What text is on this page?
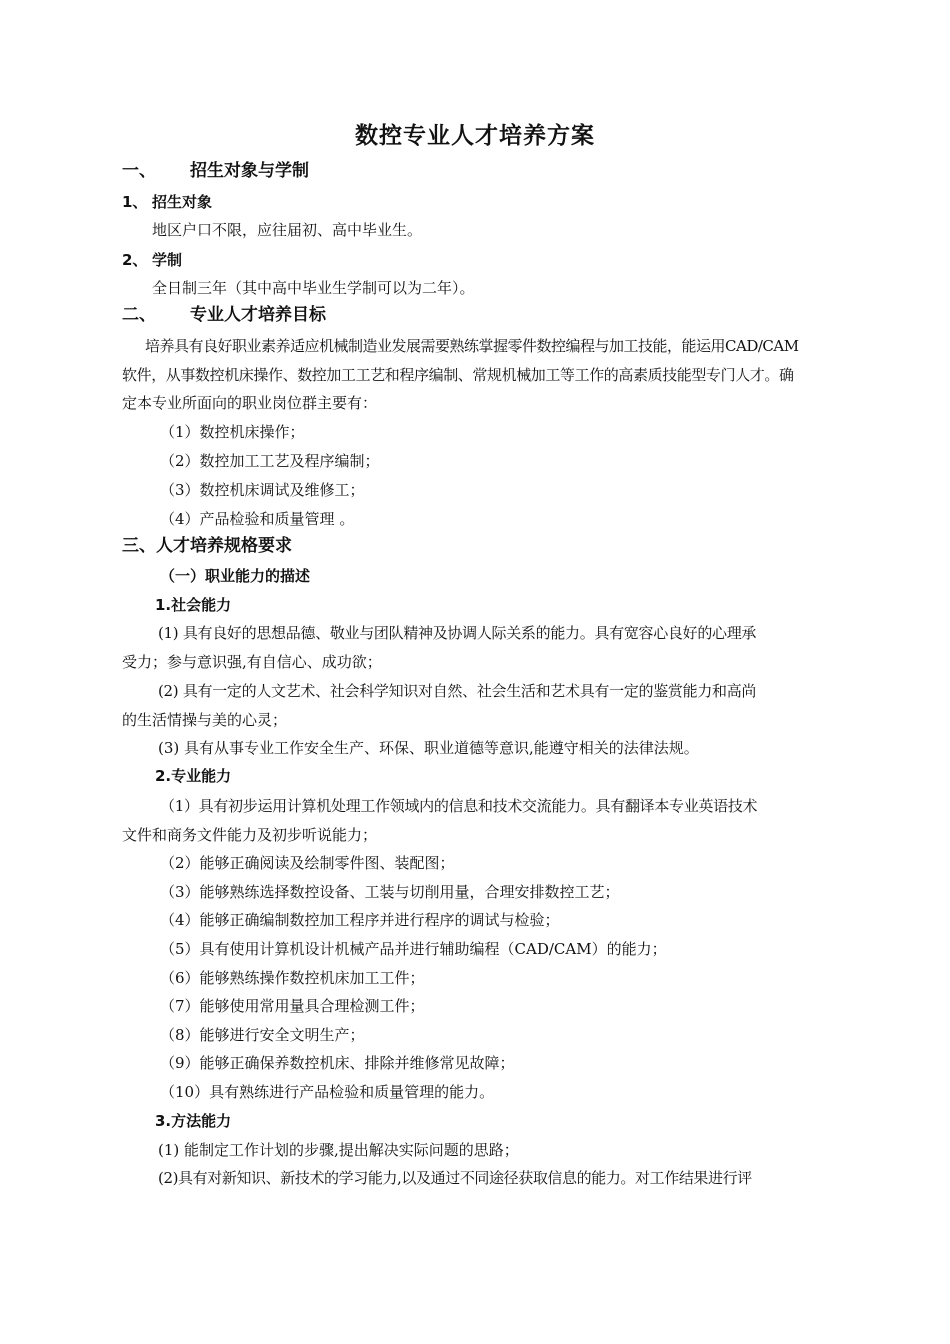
数控专业人才培养方案
一、 招生对象与学制
1、 招生对象
地区户口不限，应往届初、高中毕业生。
2、 学制
全日制三年（其中高中毕业生学制可以为二年）。
二、 专业人才培养目标
培养具有良好职业素养适应机械制造业发展需要熟练掌握零件数控编程与加工技能，能运用CAD/CAM
软件，从事数控机床操作、数控加工工艺和程序编制、常规机械加工等工作的高素质技能型专门人才。确
定本专业所面向的职业岗位群主要有：
（1）数控机床操作；
（2）数控加工工艺及程序编制；
（3）数控机床调试及维修工；
（4）产品检验和质量管理 。
三、人才培养规格要求
（一）职业能力的描述
1.社会能力
(1) 具有良好的思想品德、敬业与团队精神及协调人际关系的能力。具有宽容心良好的心理承
受力；参与意识强,有自信心、成功欲；
(2) 具有一定的人文艺术、社会科学知识对自然、社会生活和艺术具有一定的鉴赏能力和高尚
的生活情操与美的心灵；
(3) 具有从事专业工作安全生产、环保、职业道德等意识,能遵守相关的法律法规。
2.专业能力
（1）具有初步运用计算机处理工作领域内的信息和技术交流能力。具有翻译本专业英语技术
文件和商务文件能力及初步听说能力；
（2）能够正确阅读及绘制零件图、装配图；
（3）能够熟练选择数控设备、工装与切削用量，合理安排数控工艺；
（4）能够正确编制数控加工程序并进行程序的调试与检验；
（5）具有使用计算机设计机械产品并进行辅助编程（CAD/CAM）的能力；
（6）能够熟练操作数控机床加工工件；
（7）能够使用常用量具合理检测工件；
（8）能够进行安全文明生产；
（9）能够正确保养数控机床、排除并维修常见故障；
（10）具有熟练进行产品检验和质量管理的能力。
3.方法能力
(1) 能制定工作计划的步骤,提出解决实际问题的思路；
(2)具有对新知识、新技术的学习能力,以及通过不同途径获取信息的能力。对工作结果进行评
